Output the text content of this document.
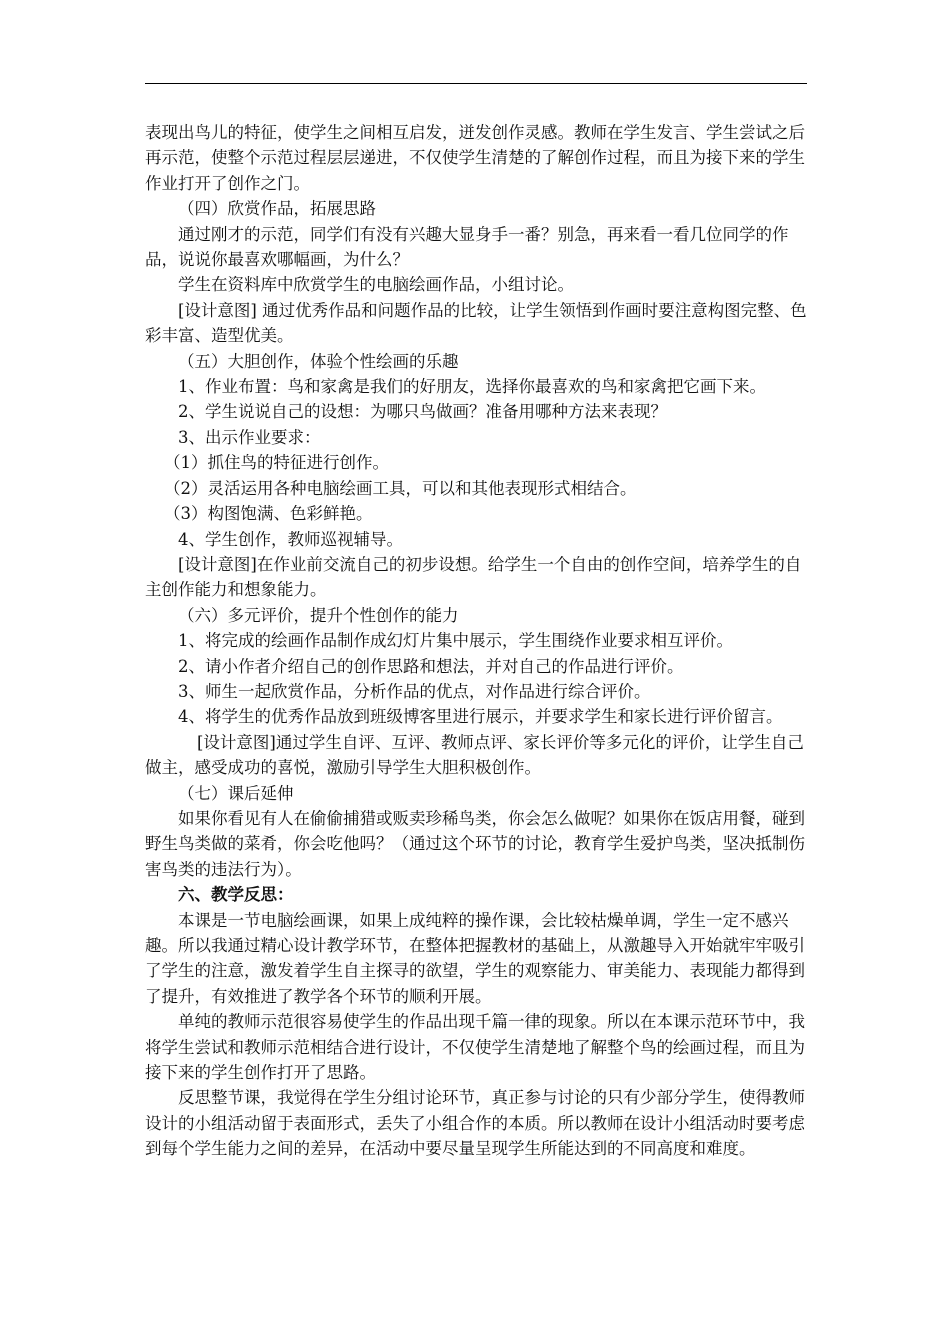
表现出鸟儿的特征，使学生之间相互启发，迸发创作灵感。教师在学生发言、学生尝试之后再示范，使整个示范过程层层递进，不仅使学生清楚的了解创作过程，而且为接下来的学生作业打开了创作之门。

（四）欣赏作品，拓展思路

通过刚才的示范，同学们有没有兴趣大显身手一番？别急，再来看一看几位同学的作品，说说你最喜欢哪幅画，为什么？

学生在资料库中欣赏学生的电脑绘画作品，小组讨论。

[设计意图] 通过优秀作品和问题作品的比较，让学生领悟到作画时要注意构图完整、色彩丰富、造型优美。

（五）大胆创作，体验个性绘画的乐趣

1、作业布置：鸟和家禽是我们的好朋友，选择你最喜欢的鸟和家禽把它画下来。

2、学生说说自己的设想：为哪只鸟做画？准备用哪种方法来表现？

3、出示作业要求：

（1）抓住鸟的特征进行创作。

（2）灵活运用各种电脑绘画工具，可以和其他表现形式相结合。

（3）构图饱满、色彩鲜艳。

4、学生创作，教师巡视辅导。

[设计意图]在作业前交流自己的初步设想。给学生一个自由的创作空间，培养学生的自主创作能力和想象能力。

（六）多元评价，提升个性创作的能力

1、将完成的绘画作品制作成幻灯片集中展示，学生围绕作业要求相互评价。

2、请小作者介绍自己的创作思路和想法，并对自己的作品进行评价。

3、师生一起欣赏作品，分析作品的优点，对作品进行综合评价。

4、将学生的优秀作品放到班级博客里进行展示，并要求学生和家长进行评价留言。

[设计意图]通过学生自评、互评、教师点评、家长评价等多元化的评价，让学生自己做主，感受成功的喜悦，激励引导学生大胆积极创作。

（七）课后延伸

如果你看见有人在偷偷捕猎或贩卖珍稀鸟类，你会怎么做呢？如果你在饭店用餐，碰到野生鸟类做的菜肴，你会吃他吗？（通过这个环节的讨论，教育学生爱护鸟类，坚决抵制伤害鸟类的违法行为）。

六、教学反思：

本课是一节电脑绘画课，如果上成纯粹的操作课，会比较枯燥单调，学生一定不感兴趣。所以我通过精心设计教学环节，在整体把握教材的基础上，从激趣导入开始就牢牢吸引了学生的注意，激发着学生自主探寻的欲望，学生的观察能力、审美能力、表现能力都得到了提升，有效推进了教学各个环节的顺利开展。

单纯的教师示范很容易使学生的作品出现千篇一律的现象。所以在本课示范环节中，我将学生尝试和教师示范相结合进行设计，不仅使学生清楚地了解整个鸟的绘画过程，而且为接下来的学生创作打开了思路。

反思整节课，我觉得在学生分组讨论环节，真正参与讨论的只有少部分学生，使得教师设计的小组活动留于表面形式，丢失了小组合作的本质。所以教师在设计小组活动时要考虑到每个学生能力之间的差异，在活动中要尽量呈现学生所能达到的不同高度和难度。
